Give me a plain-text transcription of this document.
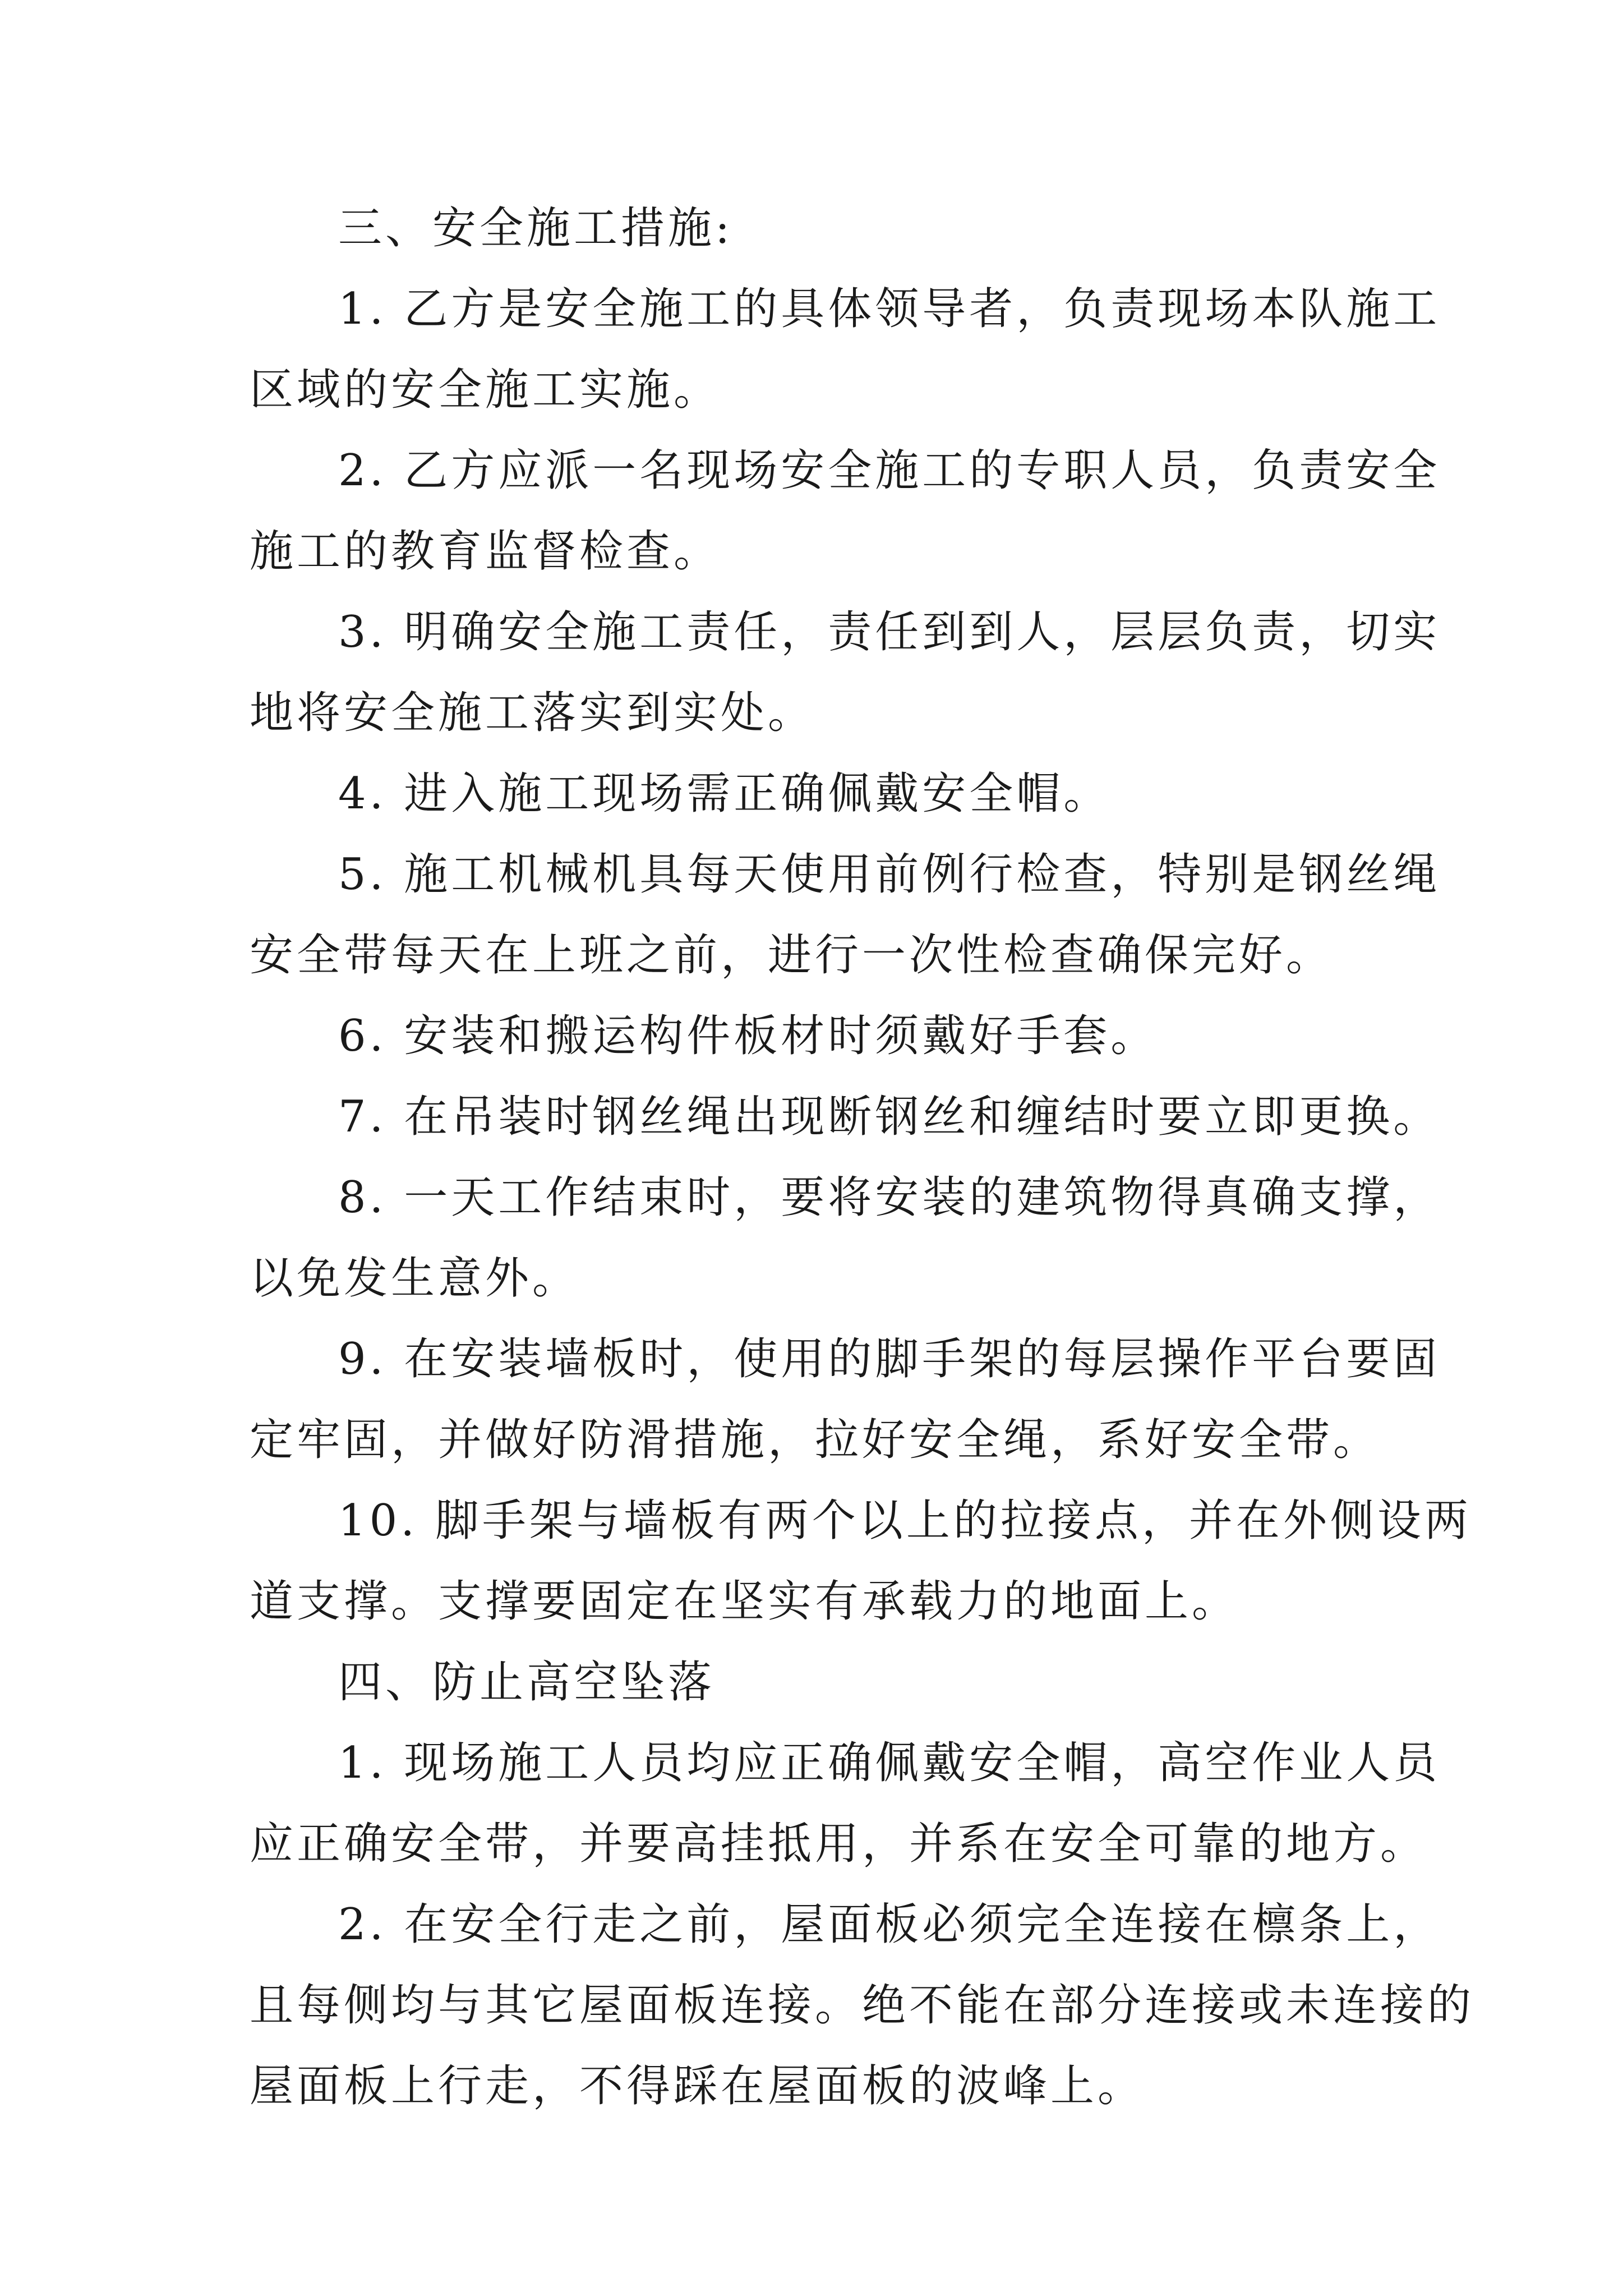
三、安全施工措施:
1. 乙方是安全施工的具体领导者，负责现场本队施工
区域的安全施工实施。
2. 乙方应派一名现场安全施工的专职人员，负责安全
施工的教育监督检查。
3. 明确安全施工责任，责任到到人，层层负责，切实
地将安全施工落实到实处。
4. 进入施工现场需正确佩戴安全帽。
5. 施工机械机具每天使用前例行检查，特别是钢丝绳
安全带每天在上班之前，进行一次性检查确保完好。
6. 安装和搬运构件板材时须戴好手套。
7. 在吊装时钢丝绳出现断钢丝和缠结时要立即更换。
8. 一天工作结束时，要将安装的建筑物得真确支撑，
以免发生意外。
9. 在安装墙板时，使用的脚手架的每层操作平台要固
定牢固，并做好防滑措施，拉好安全绳，系好安全带。
10. 脚手架与墙板有两个以上的拉接点，并在外侧设两
道支撑。支撑要固定在坚实有承载力的地面上。
四、防止高空坠落
1. 现场施工人员均应正确佩戴安全帽，高空作业人员
应正确安全带，并要高挂抵用，并系在安全可靠的地方。
2. 在安全行走之前，屋面板必须完全连接在檩条上，
且每侧均与其它屋面板连接。绝不能在部分连接或未连接的
屋面板上行走，不得踩在屋面板的波峰上。
